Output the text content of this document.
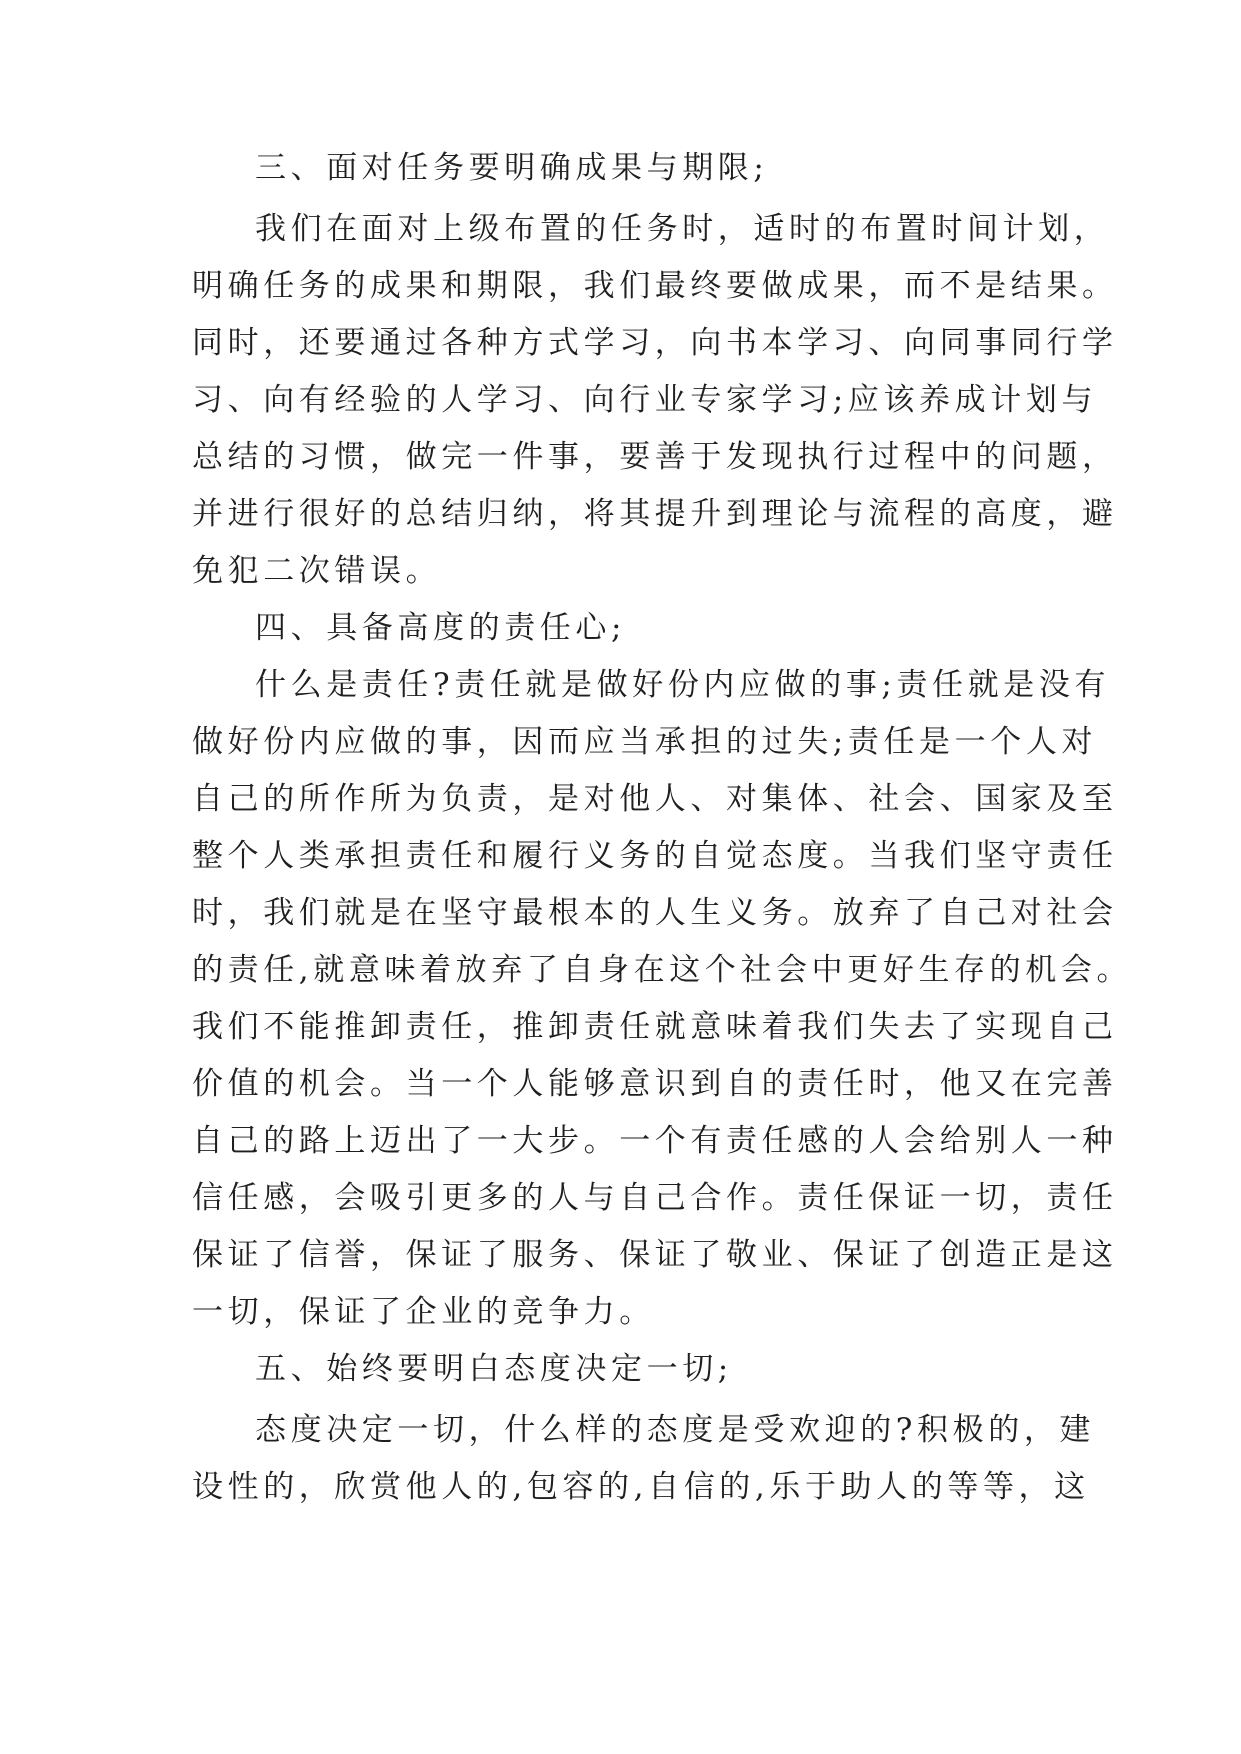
三、面对任务要明确成果与期限;

我们在面对上级布置的任务时，适时的布置时间计划，

明确任务的成果和期限，我们最终要做成果，而不是结果。

同时，还要通过各种方式学习，向书本学习、向同事同行学

习、向有经验的人学习、向行业专家学习;应该养成计划与

总结的习惯，做完一件事，要善于发现执行过程中的问题，

并进行很好的总结归纳，将其提升到理论与流程的高度，避

免犯二次错误。

四、具备高度的责任心;

什么是责任?责任就是做好份内应做的事;责任就是没有

做好份内应做的事，因而应当承担的过失;责任是一个人对

自己的所作所为负责，是对他人、对集体、社会、国家及至

整个人类承担责任和履行义务的自觉态度。当我们坚守责任

时，我们就是在坚守最根本的人生义务。放弃了自己对社会

的责任,就意味着放弃了自身在这个社会中更好生存的机会。

我们不能推卸责任，推卸责任就意味着我们失去了实现自己

价值的机会。当一个人能够意识到自的责任时，他又在完善

自己的路上迈出了一大步。一个有责任感的人会给别人一种

信任感，会吸引更多的人与自己合作。责任保证一切，责任

保证了信誉，保证了服务、保证了敬业、保证了创造正是这

一切，保证了企业的竞争力。

五、始终要明白态度决定一切;

态度决定一切，什么样的态度是受欢迎的?积极的，建

设性的，欣赏他人的,包容的,自信的,乐于助人的等等，这
